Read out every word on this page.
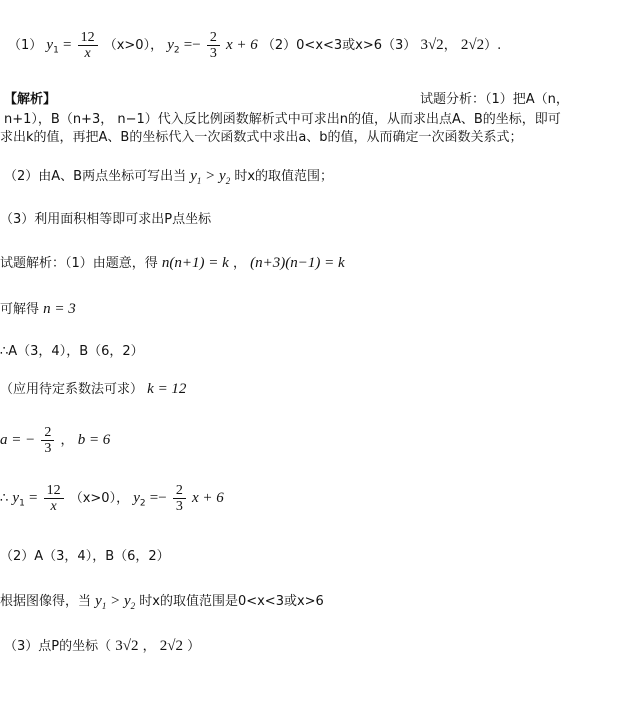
（1） $y_1 = \frac{12}{x} (x>0)$， $y_2 =- \frac{2}{3}$ x + 6 （2）0<x<3或x>6（3） 3√2， 2√2）.
【解析】	试题分析：（1）把A（n，
n+1），B（n+3， n−1）代入反比例函数解析式中可求出n的值，从而求出点A、B的坐标，即可
求出k的值，再把A、B的坐标代入一次函数式中求出a、b的值，从而确定一次函数关系式；
（2）由A、B两点坐标可写出当 $y_1 > y_2$ 时x的取值范围；
（3）利用面积相等即可求出P点坐标
试题解析：（1）由题意，得 n(n+1) = k ， (n+3)(n−1) = k
可解得 n = 3
∴A（3，4），B（6，2）
（应用待定系数法可求） k = 12
a = − $\frac{2}{3}$ ， b = 6
∴ $y_1 = \frac{12}{x} (x>0)$， $y_2 =- \frac{2}{3}$ x + 6
（2）A（3，4），B（6，2）
根据图像得，当 $y_1 > y_2$ 时x的取值范围是0<x<3或x>6
（3）点P的坐标（ 3√2 ， 2√2 ）
